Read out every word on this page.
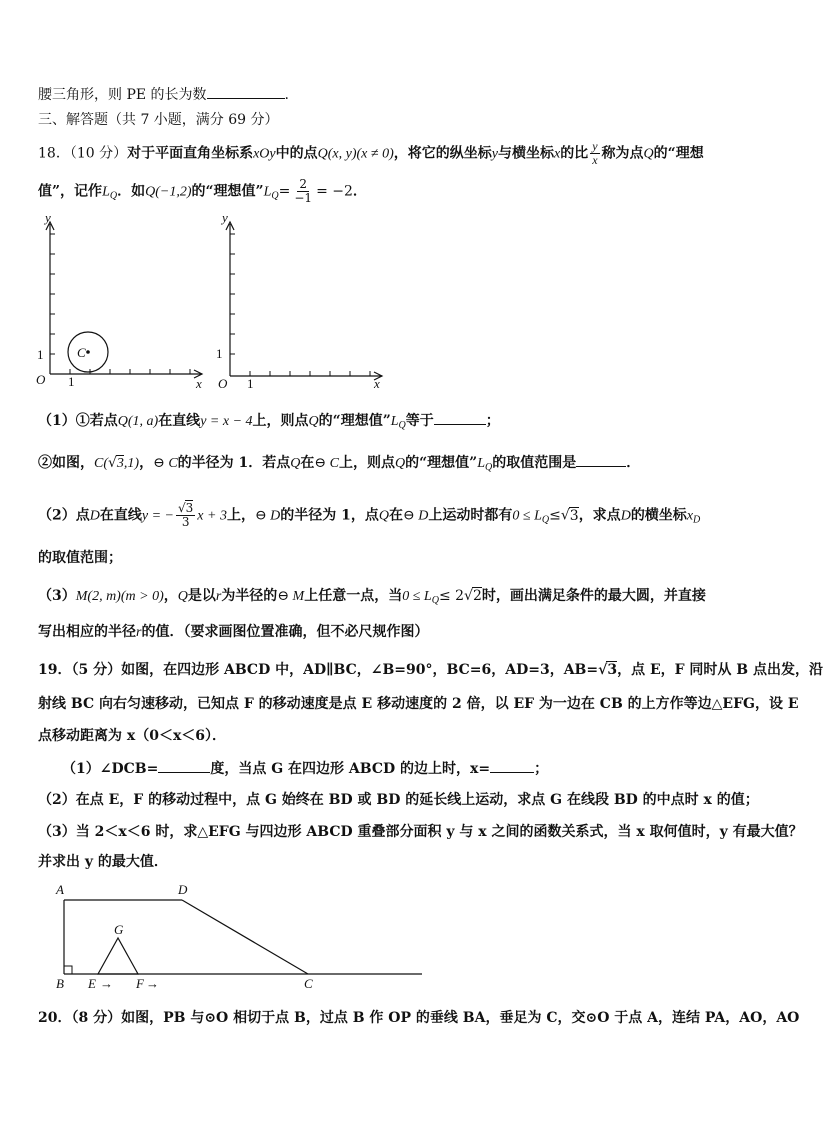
腰三角形，则 PE 的长为数	.
三、解答题（共 7 小题，满分 69 分）
18．（10 分）对于平面直角坐标系xOy中的点Q(x, y)(x ≠ 0)，将它的纵坐标y与横坐标x的比 $\frac{y}{x}$ 称为点Q的“理想
值”，记作$L_Q$．如Q(−1,2)的“理想值$”L_Q= \frac{2}{-1} = -2$．
C
y
x
O 1
1
y
x
O 1
1
（1）①若点Q(1, a)在直线y = x − 4上，则点Q的“理想值$”L_Q$等于	；
②如图，C(√3,1)，⊖ C的半径为 1．若点Q在⊖ C上，则点Q的“理想值$”L_Q$的取值范围是	．
（2）点D在直线y = − $\frac{√3}{3}$ x + 3上，⊖ D的半径为 1，点Q在⊖ D上运动时都有$0 \le L_Q\le√3$，求点D的横坐标$x_D$
的取值范围；
（3）M(2, m)(m > 0)，Q是以r为半径的⊖ M上任意一点，当$0 \le L_Q\le 2√2$时，画出满足条件的最大圆，并直接
写出相应的半径r的值．（要求画图位置准确，但不必尺规作图）
19．（5 分）如图，在四边形 ABCD 中，AD∥BC，∠B=90°，BC=6，AD=3，AB=√3，点 E，F 同时从 B 点出发，沿
射线 BC 向右匀速移动，已知点 F 的移动速度是点 E 移动速度的 2 倍，以 EF 为一边在 CB 的上方作等边△EFG，设 E
点移动距离为 x（0＜x＜6）．
（1）∠DCB=	度，当点 G 在四边形 ABCD 的边上时，x=	；
（2）在点 E，F 的移动过程中，点 G 始终在 BD 或 BD 的延长线上运动，求点 G 在线段 BD 的中点时 x 的值；
（3）当 2＜x＜6 时，求△EFG 与四边形 ABCD 重叠部分面积 y 与 x 之间的函数关系式，当 x 取何值时，y 有最大值？
并求出 y 的最大值．
A	D
G
B E → F →	C
20．（8 分）如图，PB 与⊙O 相切于点 B，过点 B 作 OP 的垂线 BA，垂足为 C，交⊙O 于点 A，连结 PA，AO，AO
